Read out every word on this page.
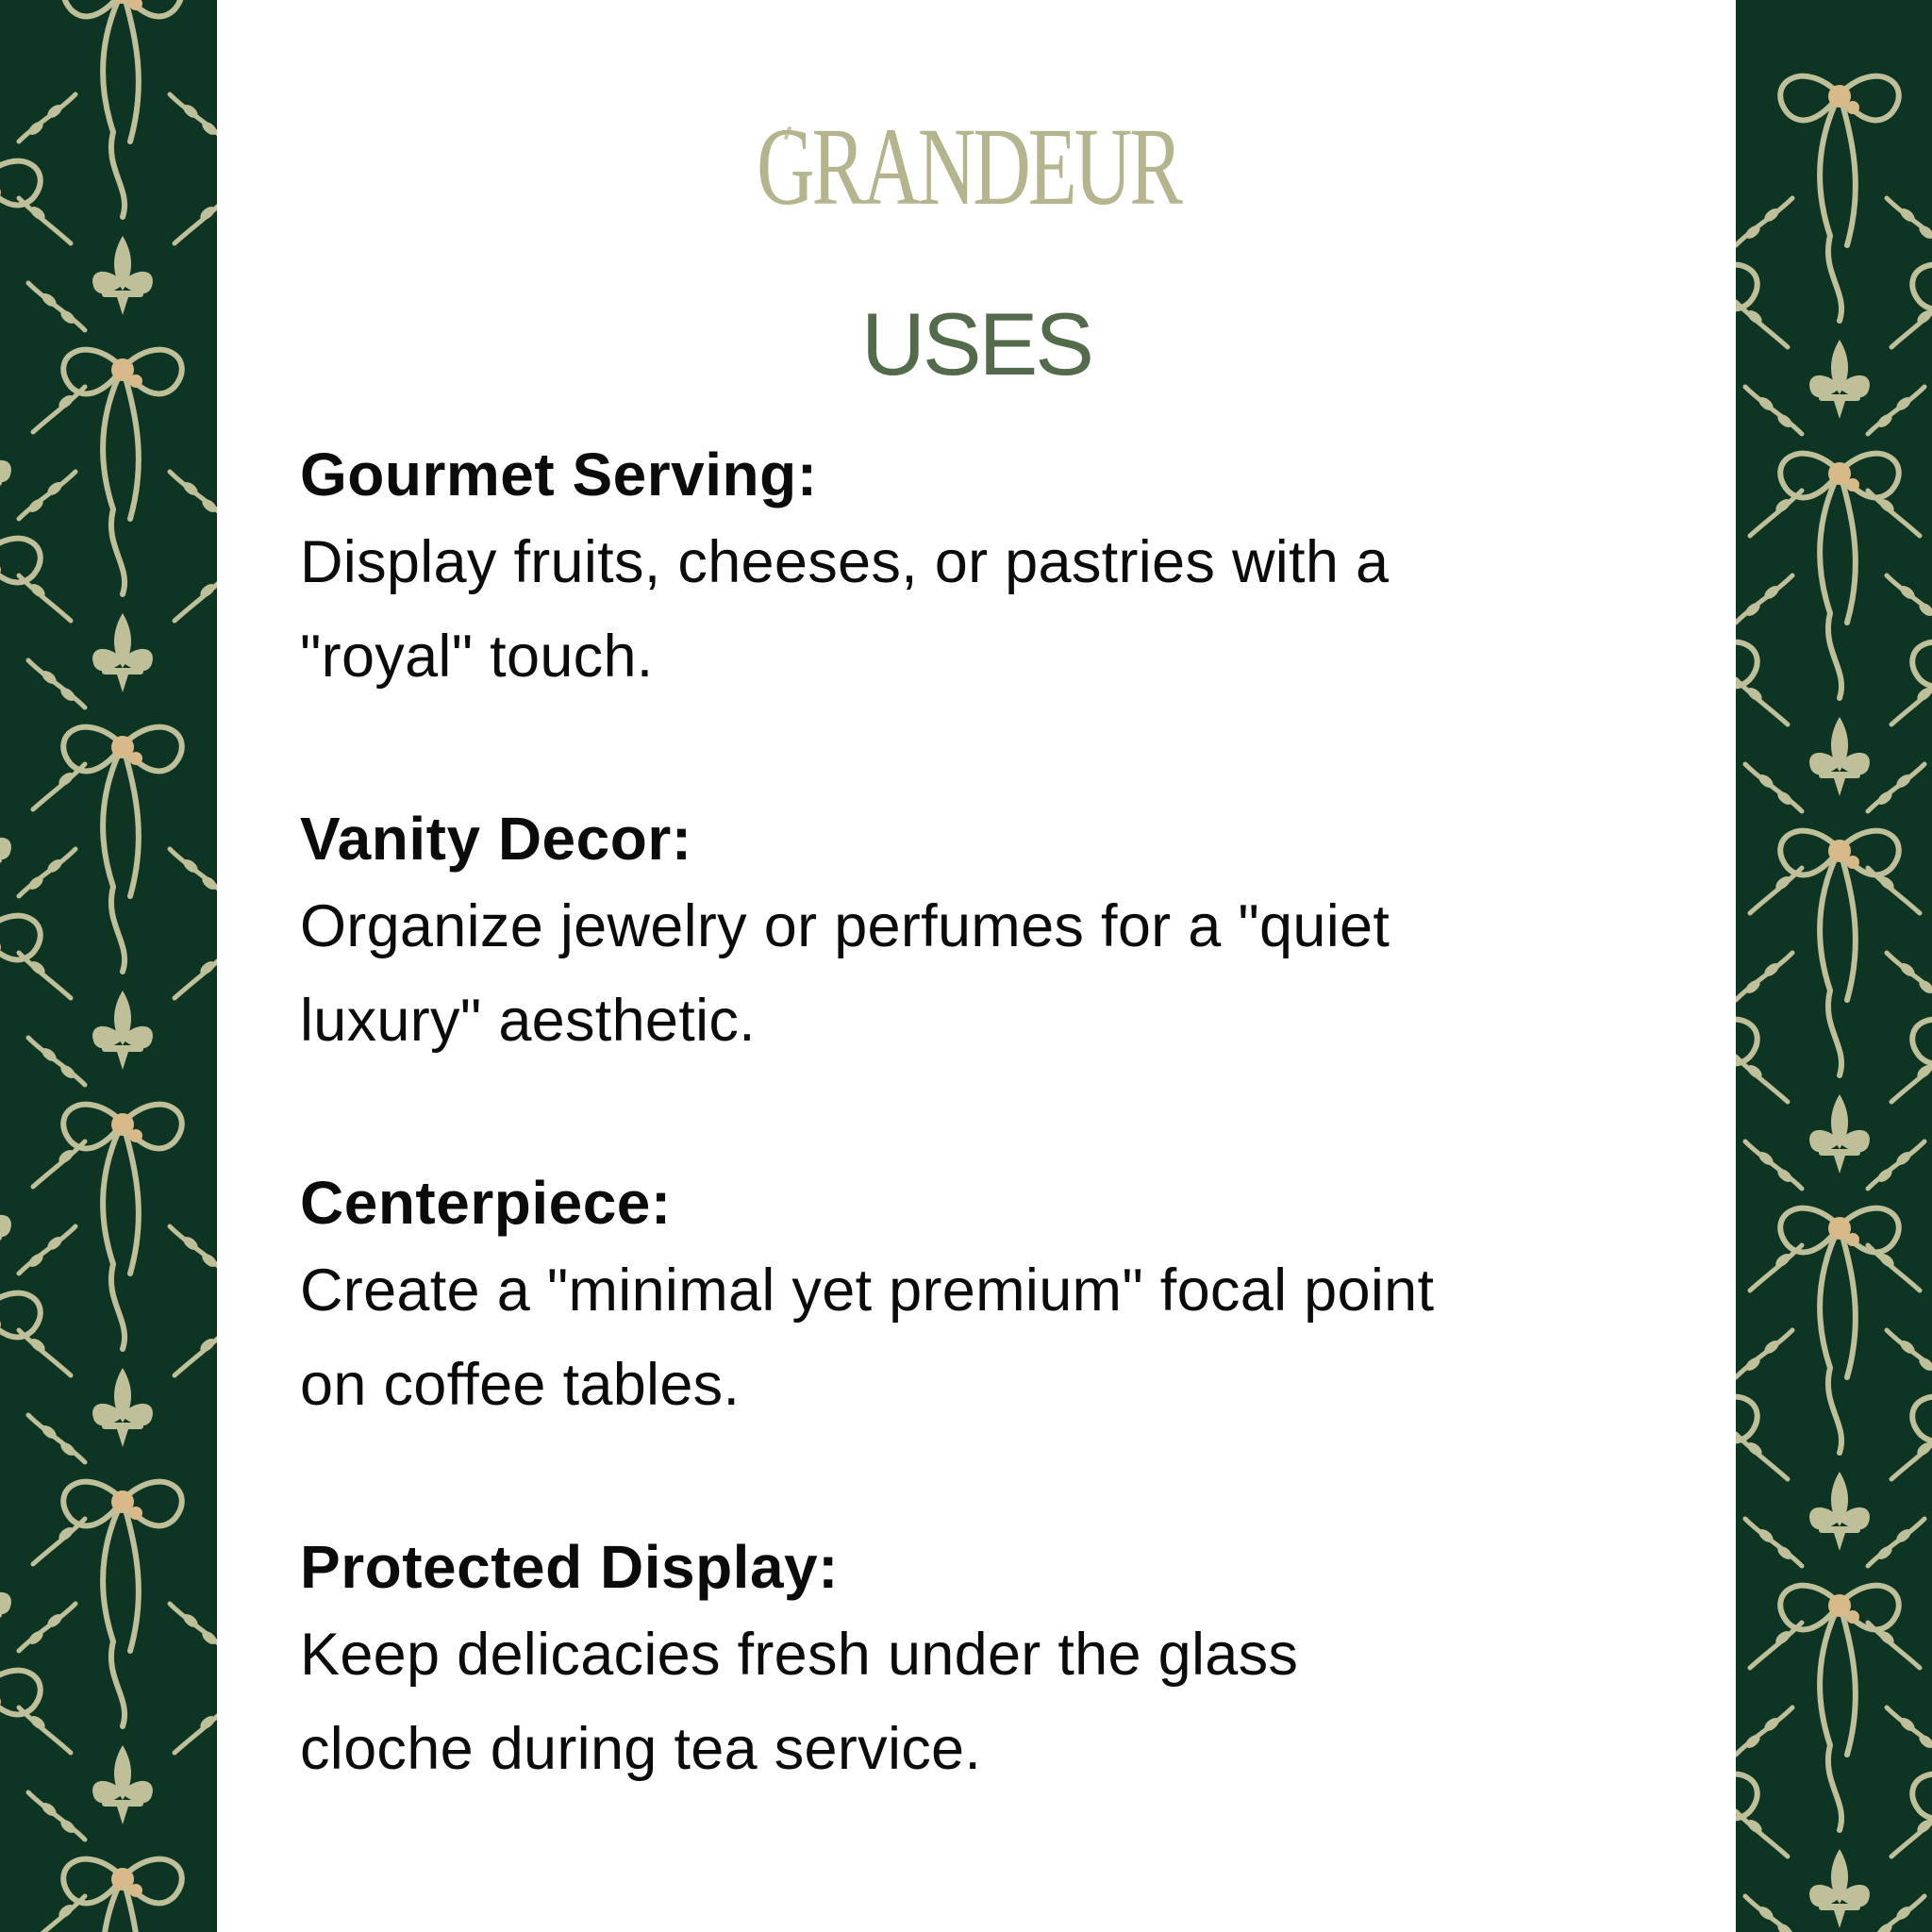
GRANDEUR
USES
Gourmet Serving:
Display fruits, cheeses, or pastries with a
"royal" touch.
Vanity Decor:
Organize jewelry or perfumes for a "quiet
luxury" aesthetic.
Centerpiece:
Create a "minimal yet premium" focal point
on coffee tables.
Protected Display:
Keep delicacies fresh under the glass
cloche during tea service.
